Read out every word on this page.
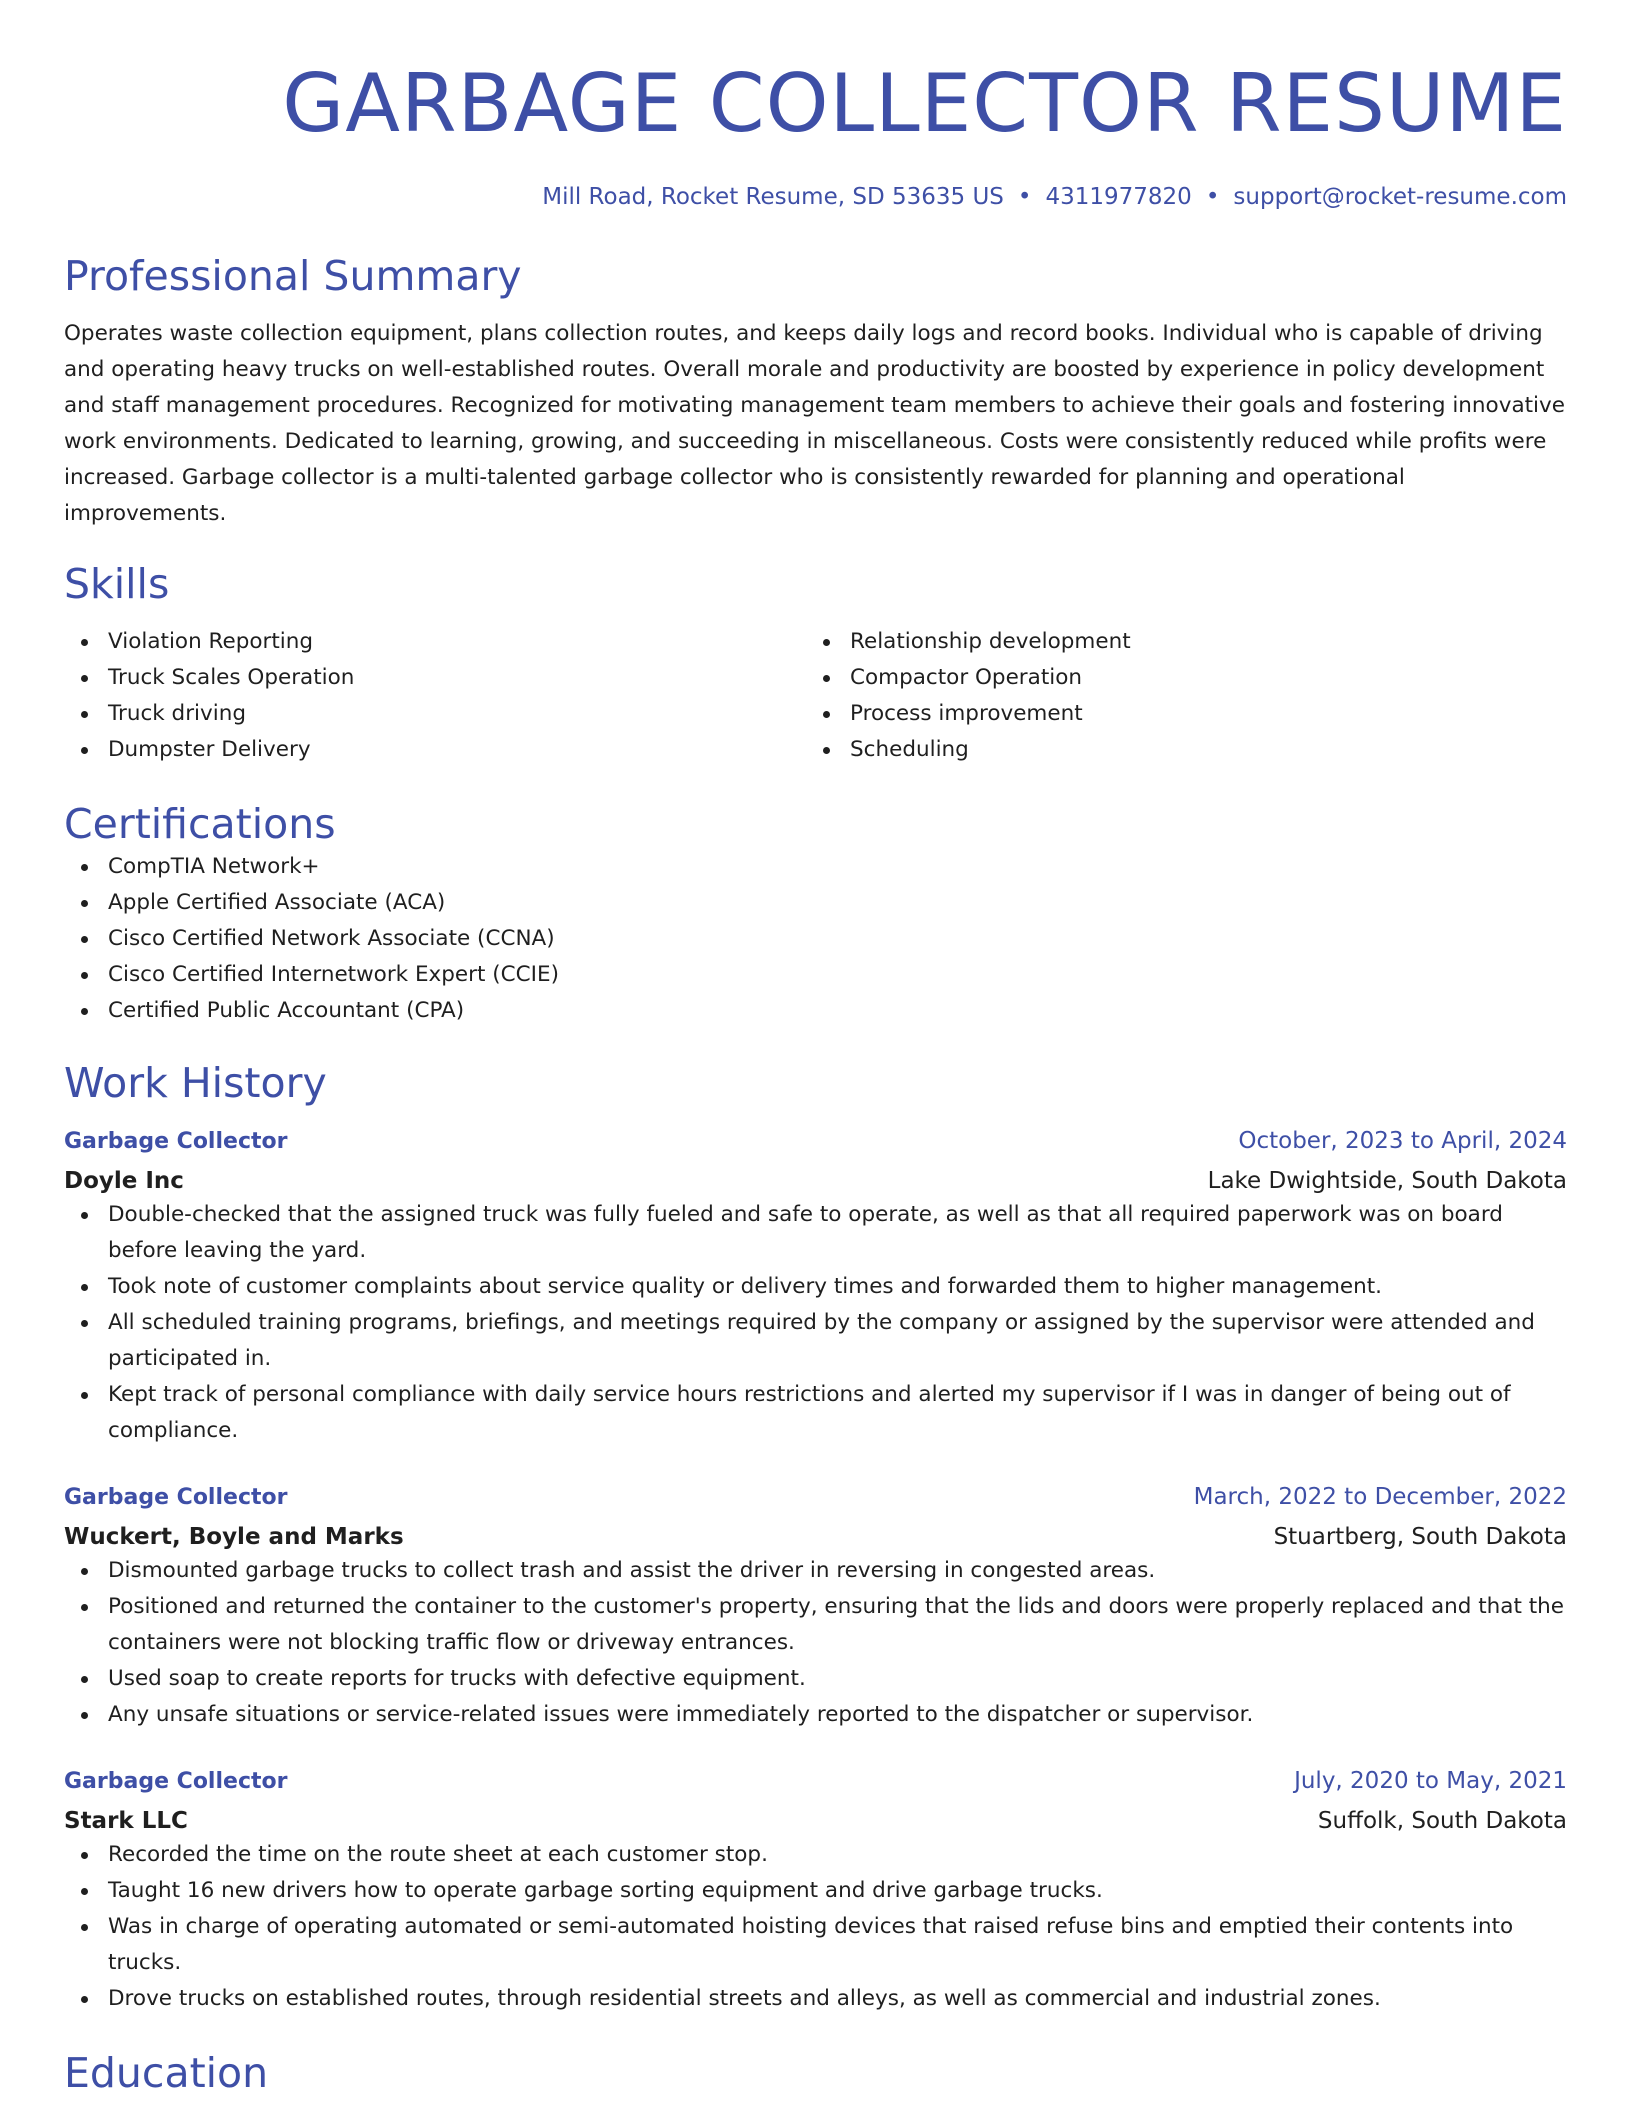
GARBAGE COLLECTOR RESUME
Mill Road, Rocket Resume, SD 53635 US • 4311977820 • support@rocket-resume.com
Professional Summary

Operates waste collection equipment, plans collection routes, and keeps daily logs and record books. Individual who is capable of driving and operating heavy trucks on well-established routes. Overall morale and productivity are boosted by experience in policy development and staff management procedures. Recognized for motivating management team members to achieve their goals and fostering innovative work environments. Dedicated to learning, growing, and succeeding in miscellaneous. Costs were consistently reduced while profits were increased. Garbage collector is a multi-talented garbage collector who is consistently rewarded for planning and operational improvements.

Skills
Violation Reporting
Truck Scales Operation
Truck driving
Dumpster Delivery
Relationship development
Compactor Operation
Process improvement
Scheduling
Certifications
CompTIA Network+
Apple Certified Associate (ACA)
Cisco Certified Network Associate (CCNA)
Cisco Certified Internetwork Expert (CCIE)
Certified Public Accountant (CPA)
Work History
Garbage Collector	October, 2023 to April, 2024
Doyle Inc	Lake Dwightside, South Dakota
Double-checked that the assigned truck was fully fueled and safe to operate, as well as that all required paperwork was on board before leaving the yard.
Took note of customer complaints about service quality or delivery times and forwarded them to higher management.
All scheduled training programs, briefings, and meetings required by the company or assigned by the supervisor were attended and participated in.
Kept track of personal compliance with daily service hours restrictions and alerted my supervisor if I was in danger of being out of compliance.
Garbage Collector	March, 2022 to December, 2022
Wuckert, Boyle and Marks	Stuartberg, South Dakota
Dismounted garbage trucks to collect trash and assist the driver in reversing in congested areas.
Positioned and returned the container to the customer's property, ensuring that the lids and doors were properly replaced and that the containers were not blocking traffic flow or driveway entrances.
Used soap to create reports for trucks with defective equipment.
Any unsafe situations or service-related issues were immediately reported to the dispatcher or supervisor.
Garbage Collector	July, 2020 to May, 2021
Stark LLC	Suffolk, South Dakota
Recorded the time on the route sheet at each customer stop.
Taught 16 new drivers how to operate garbage sorting equipment and drive garbage trucks.
Was in charge of operating automated or semi-automated hoisting devices that raised refuse bins and emptied their contents into trucks.
Drove trucks on established routes, through residential streets and alleys, as well as commercial and industrial zones.
Education
